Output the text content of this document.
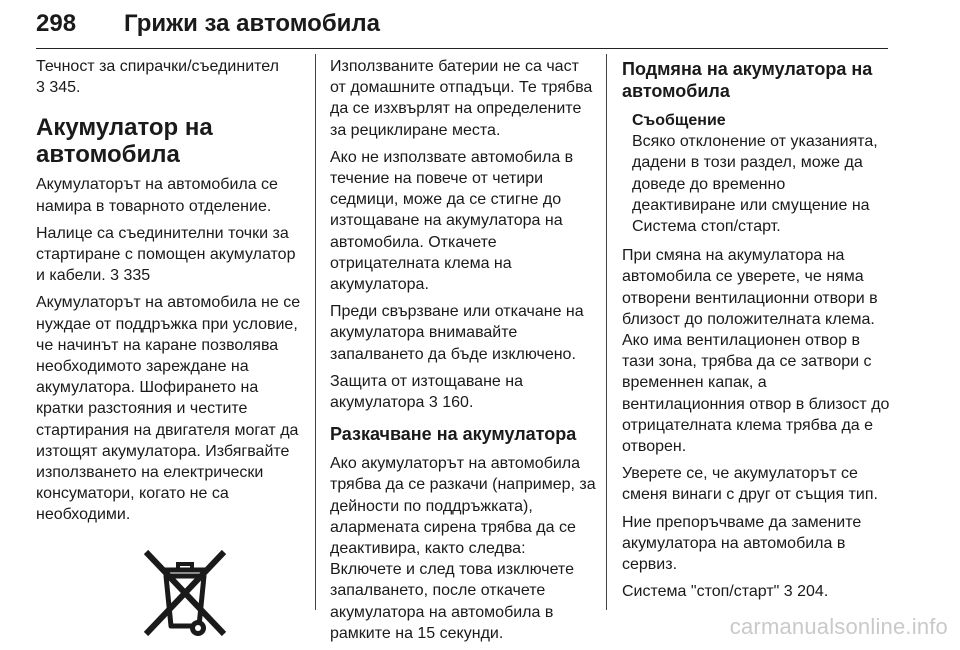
298 Грижи за автомобила

Течност за спирачки/съединител
3 345.

Акумулатор на автомобила

Акумулаторът на автомобила се намира в товарното отделение.

Налице са съединителни точки за стартиране с помощен акумулатор и кабели. 3 335

Акумулаторът на автомобила не се нуждае от поддръжка при условие, че начинът на каране позволява необходимото зареждане на акумулатора. Шофирането на кратки разстояния и честите стартирания на двигателя могат да изтощят акумулатора. Избягвайте използването на електрически консуматори, когато не са необходими.

Използваните батерии не са част от домашните отпадъци. Те трябва да се изхвърлят на определените за рециклиране места.

Ако не използвате автомобила в течение на повече от четири седмици, може да се стигне до изтощаване на акумулатора на автомобила. Откачете отрицателната клема на акумулатора.

Преди свързване или откачане на акумулатора внимавайте запалването да бъде изключено.

Защита от изтощаване на акумулатора 3 160.

Разкачване на акумулатора

Ако акумулаторът на автомобила трябва да се разкачи (например, за дейности по поддръжката), алармената сирена трябва да се деактивира, както следва: Включете и след това изключете запалването, после откачете акумулатора на автомобила в рамките на 15 секунди.

Подмяна на акумулатора на автомобила
Съобщение
Всяко отклонение от указанията, дадени в този раздел, може да доведе до временно деактивиране или смущение на Система стоп/старт.

При смяна на акумулатора на автомобила се уверете, че няма отворени вентилационни отвори в близост до положителната клема. Ако има вентилационен отвор в тази зона, трябва да се затвори с временнен капак, а вентилационния отвор в близост до отрицателната клема трябва да е отворен.

Уверете се, че акумулаторът се сменя винаги с друг от същия тип.

Ние препоръчваме да замените акумулатора на автомобила в сервиз.

Система "стоп/старт" 3 204.

carmanualsonline.info
